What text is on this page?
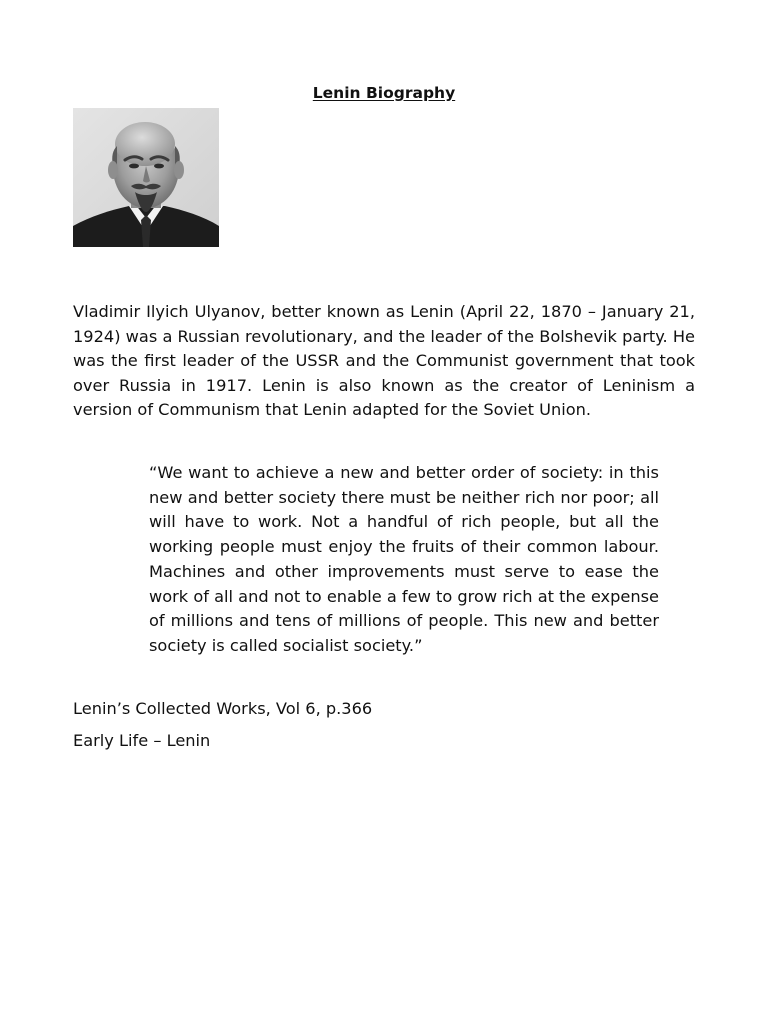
Lenin Biography

Vladimir Ilyich Ulyanov, better known as Lenin (April 22, 1870 – January 21, 1924) was a Russian revolutionary, and the leader of the Bolshevik party. He was the first leader of the USSR and the Communist government that took over Russia in 1917. Lenin is also known as the creator of Leninism a version of Communism that Lenin adapted for the Soviet Union.

“We want to achieve a new and better order of society: in this new and better society there must be neither rich nor poor; all will have to work. Not a handful of rich people, but all the working people must enjoy the fruits of their common labour. Machines and other improvements must serve to ease the work of all and not to enable a few to grow rich at the expense of millions and tens of millions of people. This new and better society is called socialist society.”

Lenin’s Collected Works, Vol 6, p.366

Early Life – Lenin
